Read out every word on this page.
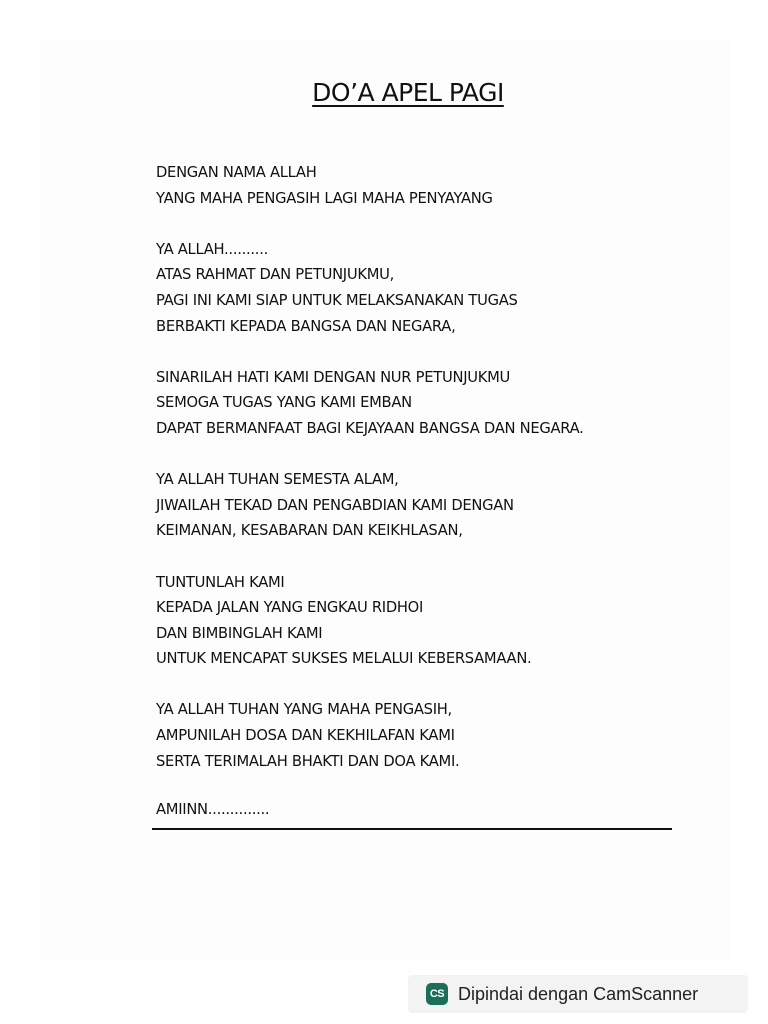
DO’A APEL PAGI
DENGAN NAMA ALLAH
YANG MAHA PENGASIH LAGI MAHA PENYAYANG
YA ALLAH..........
ATAS RAHMAT DAN PETUNJUKMU,
PAGI INI KAMI SIAP UNTUK MELAKSANAKAN TUGAS
BERBAKTI KEPADA BANGSA DAN NEGARA,
SINARILAH HATI KAMI DENGAN NUR PETUNJUKMU
SEMOGA TUGAS YANG KAMI EMBAN
DAPAT BERMANFAAT BAGI KEJAYAAN BANGSA DAN NEGARA.
YA ALLAH TUHAN SEMESTA ALAM,
JIWAILAH TEKAD DAN PENGABDIAN KAMI DENGAN
KEIMANAN, KESABARAN DAN KEIKHLASAN,
TUNTUNLAH KAMI
KEPADA JALAN YANG ENGKAU RIDHOI
DAN BIMBINGLAH KAMI
UNTUK MENCAPAT SUKSES MELALUI KEBERSAMAAN.
YA ALLAH TUHAN YANG MAHA PENGASIH,
AMPUNILAH DOSA DAN KEKHILAFAN KAMI
SERTA TERIMALAH BHAKTI DAN DOA KAMI.
AMIINN..............
CS Dipindai dengan CamScanner
